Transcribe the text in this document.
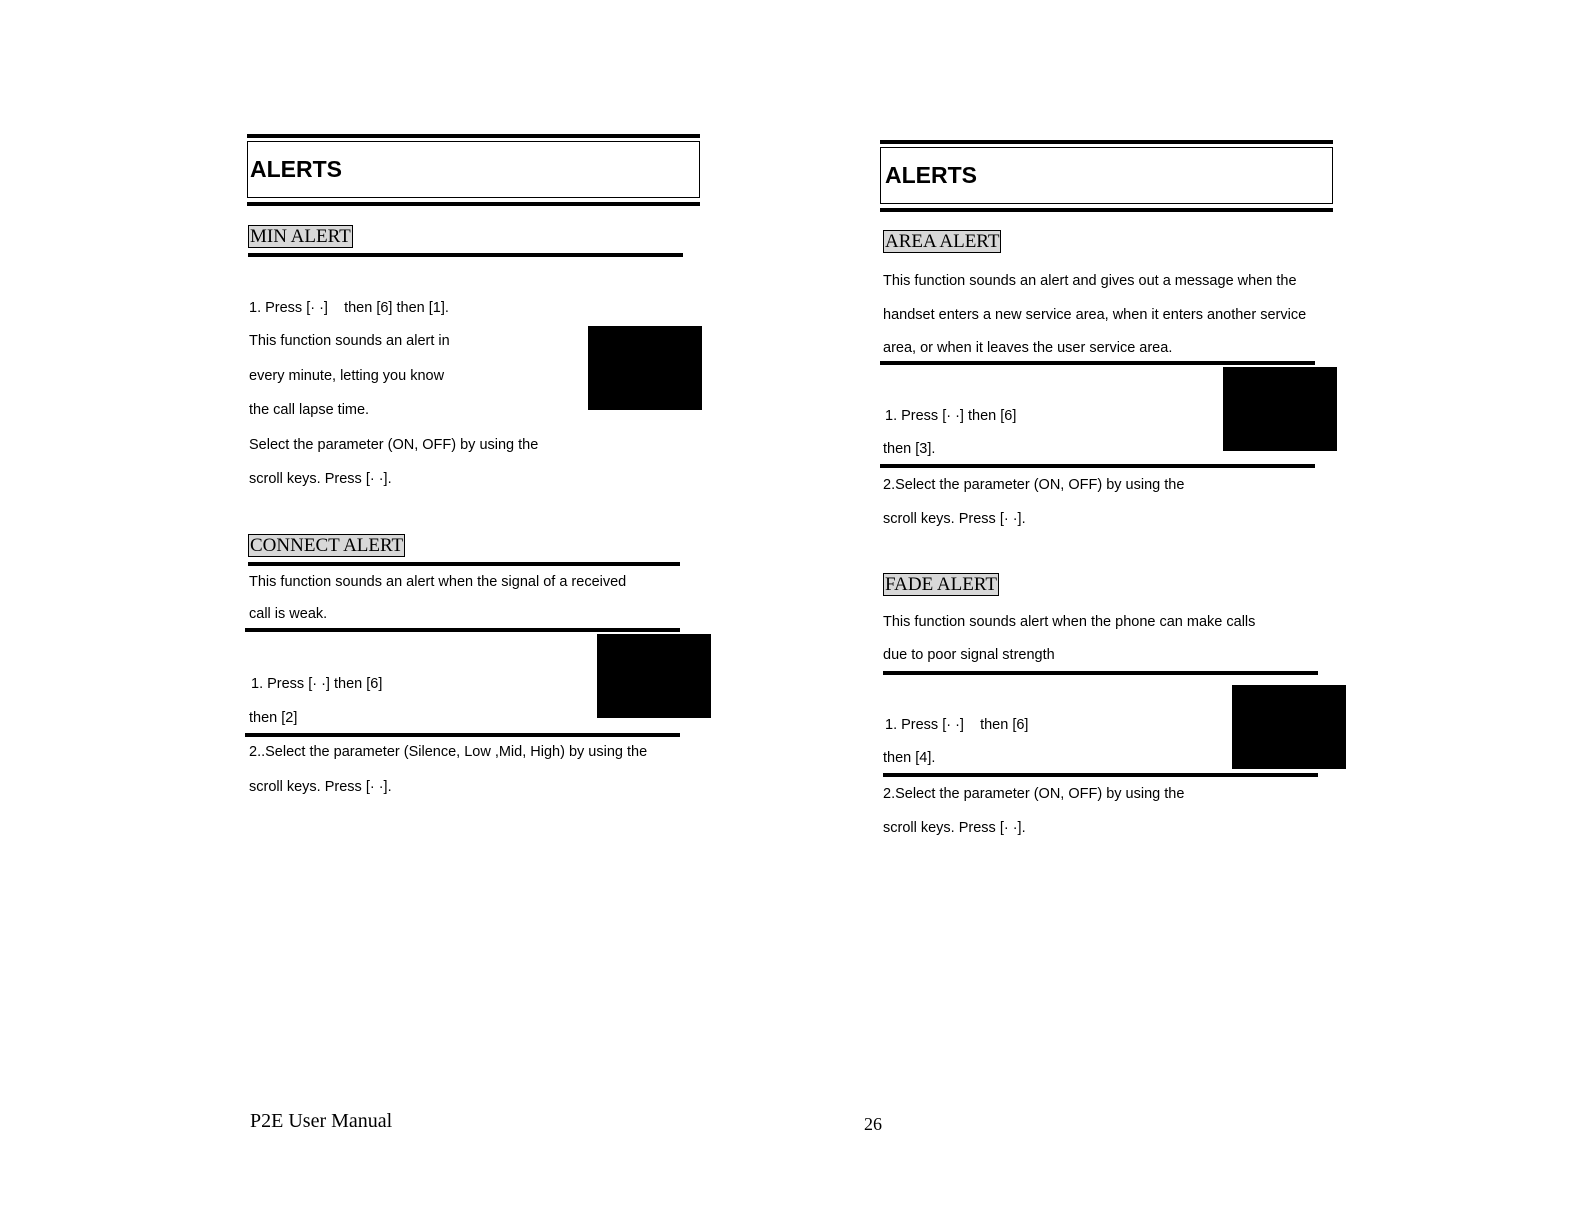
ALERTS
MIN ALERT
1. Press [· ·] then [6] then [1].
This function sounds an alert in
every minute, letting you know
the call lapse time.
Select the parameter (ON, OFF) by using the
scroll keys. Press [· ·].
CONNECT ALERT
This function sounds an alert when the signal of a received
call is weak.
1. Press [· ·] then [6]
then [2]
2..Select the parameter (Silence, Low ,Mid, High) by using the
scroll keys. Press [· ·].
ALERTS
AREA ALERT
This function sounds an alert and gives out a message when the
handset enters a new service area, when it enters another service
area, or when it leaves the user service area.
1. Press [· ·] then [6]
then [3].
2.Select the parameter (ON, OFF) by using the
scroll keys. Press [· ·].
FADE ALERT
This function sounds alert when the phone can make calls
due to poor signal strength
1. Press [· ·] then [6]
then [4].
2.Select the parameter (ON, OFF) by using the
scroll keys. Press [· ·].
P2E User Manual	26
